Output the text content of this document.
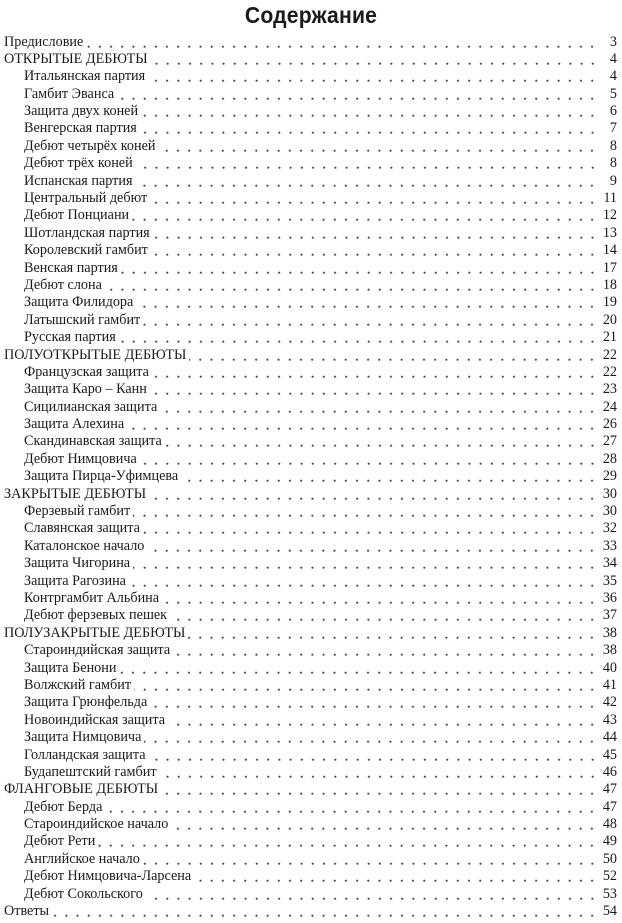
Содержание
Предисловие	3
ОТКРЫТЫЕ ДЕБЮТЫ	4
Итальянская партия	4
Гамбит Эванса	5
Защита двух коней	6
Венгерская партия	7
Дебют четырёх коней	8
Дебют трёх коней	8
Испанская партия	9
Центральный дебют	11
Дебют Понциани	12
Шотландская партия	13
Королевский гамбит	14
Венская партия	17
Дебют слона	18
Защита Филидора	19
Латышский гамбит	20
Русская партия	21
ПОЛУОТКРЫТЫЕ ДЕБЮТЫ	22
Французская защита	22
Защита Каро – Канн	23
Сицилианская защита	24
Защита Алехина	26
Скандинавская защита	27
Дебют Нимцовича	28
Защита Пирца-Уфимцева	29
ЗАКРЫТЫЕ ДЕБЮТЫ	30
Ферзевый гамбит	30
Славянская защита	32
Каталонское начало	33
Защита Чигорина	34
Защита Рагозина	35
Контргамбит Альбина	36
Дебют ферзевых пешек	37
ПОЛУЗАКРЫТЫЕ ДЕБЮТЫ	38
Староиндийская защита	38
Защита Бенони	40
Волжский гамбит	41
Защита Грюнфельда	42
Новоиндийская защита	43
Защита Нимцовича	44
Голландская защита	45
Будапештский гамбит	46
ФЛАНГОВЫЕ ДЕБЮТЫ	47
Дебют Берда	47
Староиндийское начало	48
Дебют Рети	49
Английское начало	50
Дебют Нимцовича-Ларсена	52
Дебют Сокольского	53
Ответы	54
